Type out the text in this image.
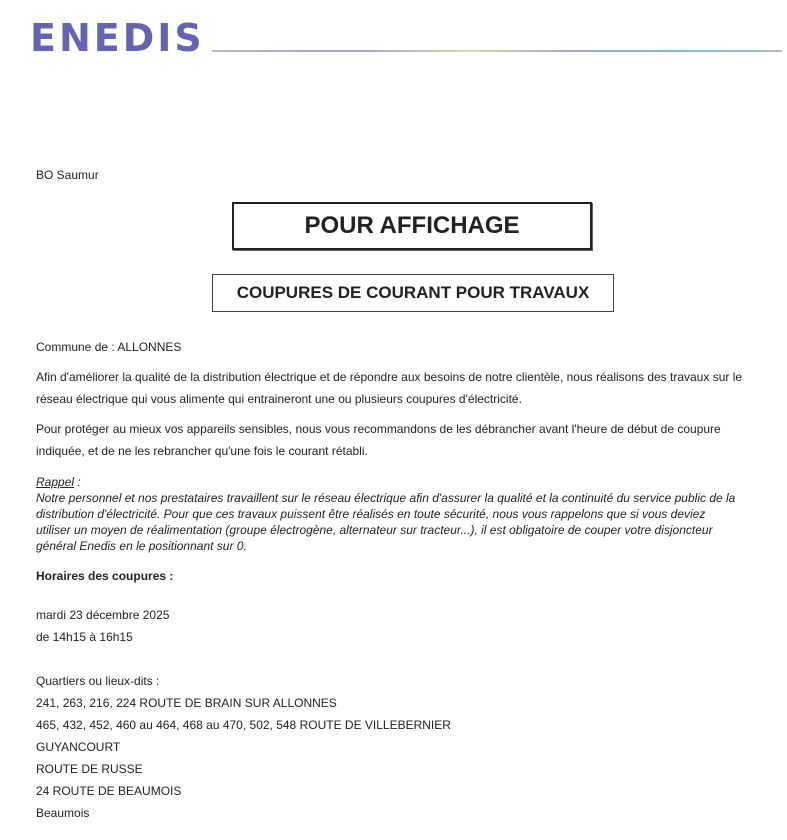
ENEDIS
BO Saumur
POUR AFFICHAGE
COUPURES DE COURANT POUR TRAVAUX
Commune de : ALLONNES
Afin d'améliorer la qualité de la distribution électrique et de répondre aux besoins de notre clientèle, nous réalisons des travaux sur le réseau électrique qui vous alimente qui entraineront une ou plusieurs coupures d'électricité.
Pour protéger au mieux vos appareils sensibles, nous vous recommandons de les débrancher avant l'heure de début de coupure indiquée, et de ne les rebrancher qu'une fois le courant rétabli.
Rappel :
Notre personnel et nos prestataires travaillent sur le réseau électrique afin d'assurer la qualité et la continuité du service public de la distribution d'électricité. Pour que ces travaux puissent être réalisés en toute sécurité, nous vous rappelons que si vous deviez utiliser un moyen de réalimentation (groupe électrogène, alternateur sur tracteur...), il est obligatoire de couper votre disjoncteur général Enedis en le positionnant sur 0.
Horaires des coupures :
mardi 23 décembre 2025
de 14h15 à 16h15
Quartiers ou lieux-dits :
241, 263, 216, 224 ROUTE DE BRAIN SUR ALLONNES
465, 432, 452, 460 au 464, 468 au 470, 502, 548 ROUTE DE VILLEBERNIER
GUYANCOURT
ROUTE DE RUSSE
24 ROUTE DE BEAUMOIS
Beaumois
